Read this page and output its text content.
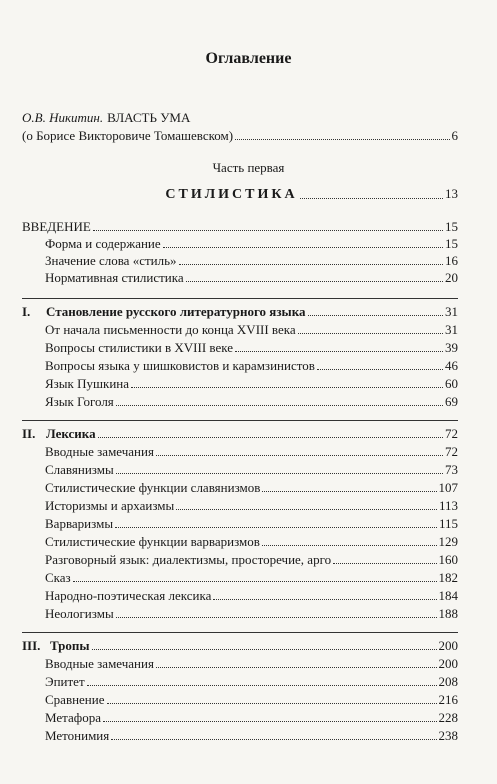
Оглавление
О.В. Никитин. ВЛАСТЬ УМА
(о Борисе Викторовиче Томашевском)	6
Часть первая
СТИЛИСТИКА	13
ВВЕДЕНИЕ	15
Форма и содержание	15
Значение слова «стиль»	16
Нормативная стилистика	20
I.	Становление русского литературного языка	31
От начала письменности до конца XVIII века	31
Вопросы стилистики в XVIII веке	39
Вопросы языка у шишковистов и карамзинистов	46
Язык Пушкина	60
Язык Гоголя	69
II. Лексика	72
Вводные замечания	72
Славянизмы	73
Стилистические функции славянизмов	107
Историзмы и архаизмы	113
Варваризмы	115
Стилистические функции варваризмов	129
Разговорный язык: диалектизмы, просторечие, арго	160
Сказ	182
Народно-поэтическая лексика	184
Неологизмы	188
III. Тропы	200
Вводные замечания	200
Эпитет	208
Сравнение	216
Метафора	228
Метонимия	238
